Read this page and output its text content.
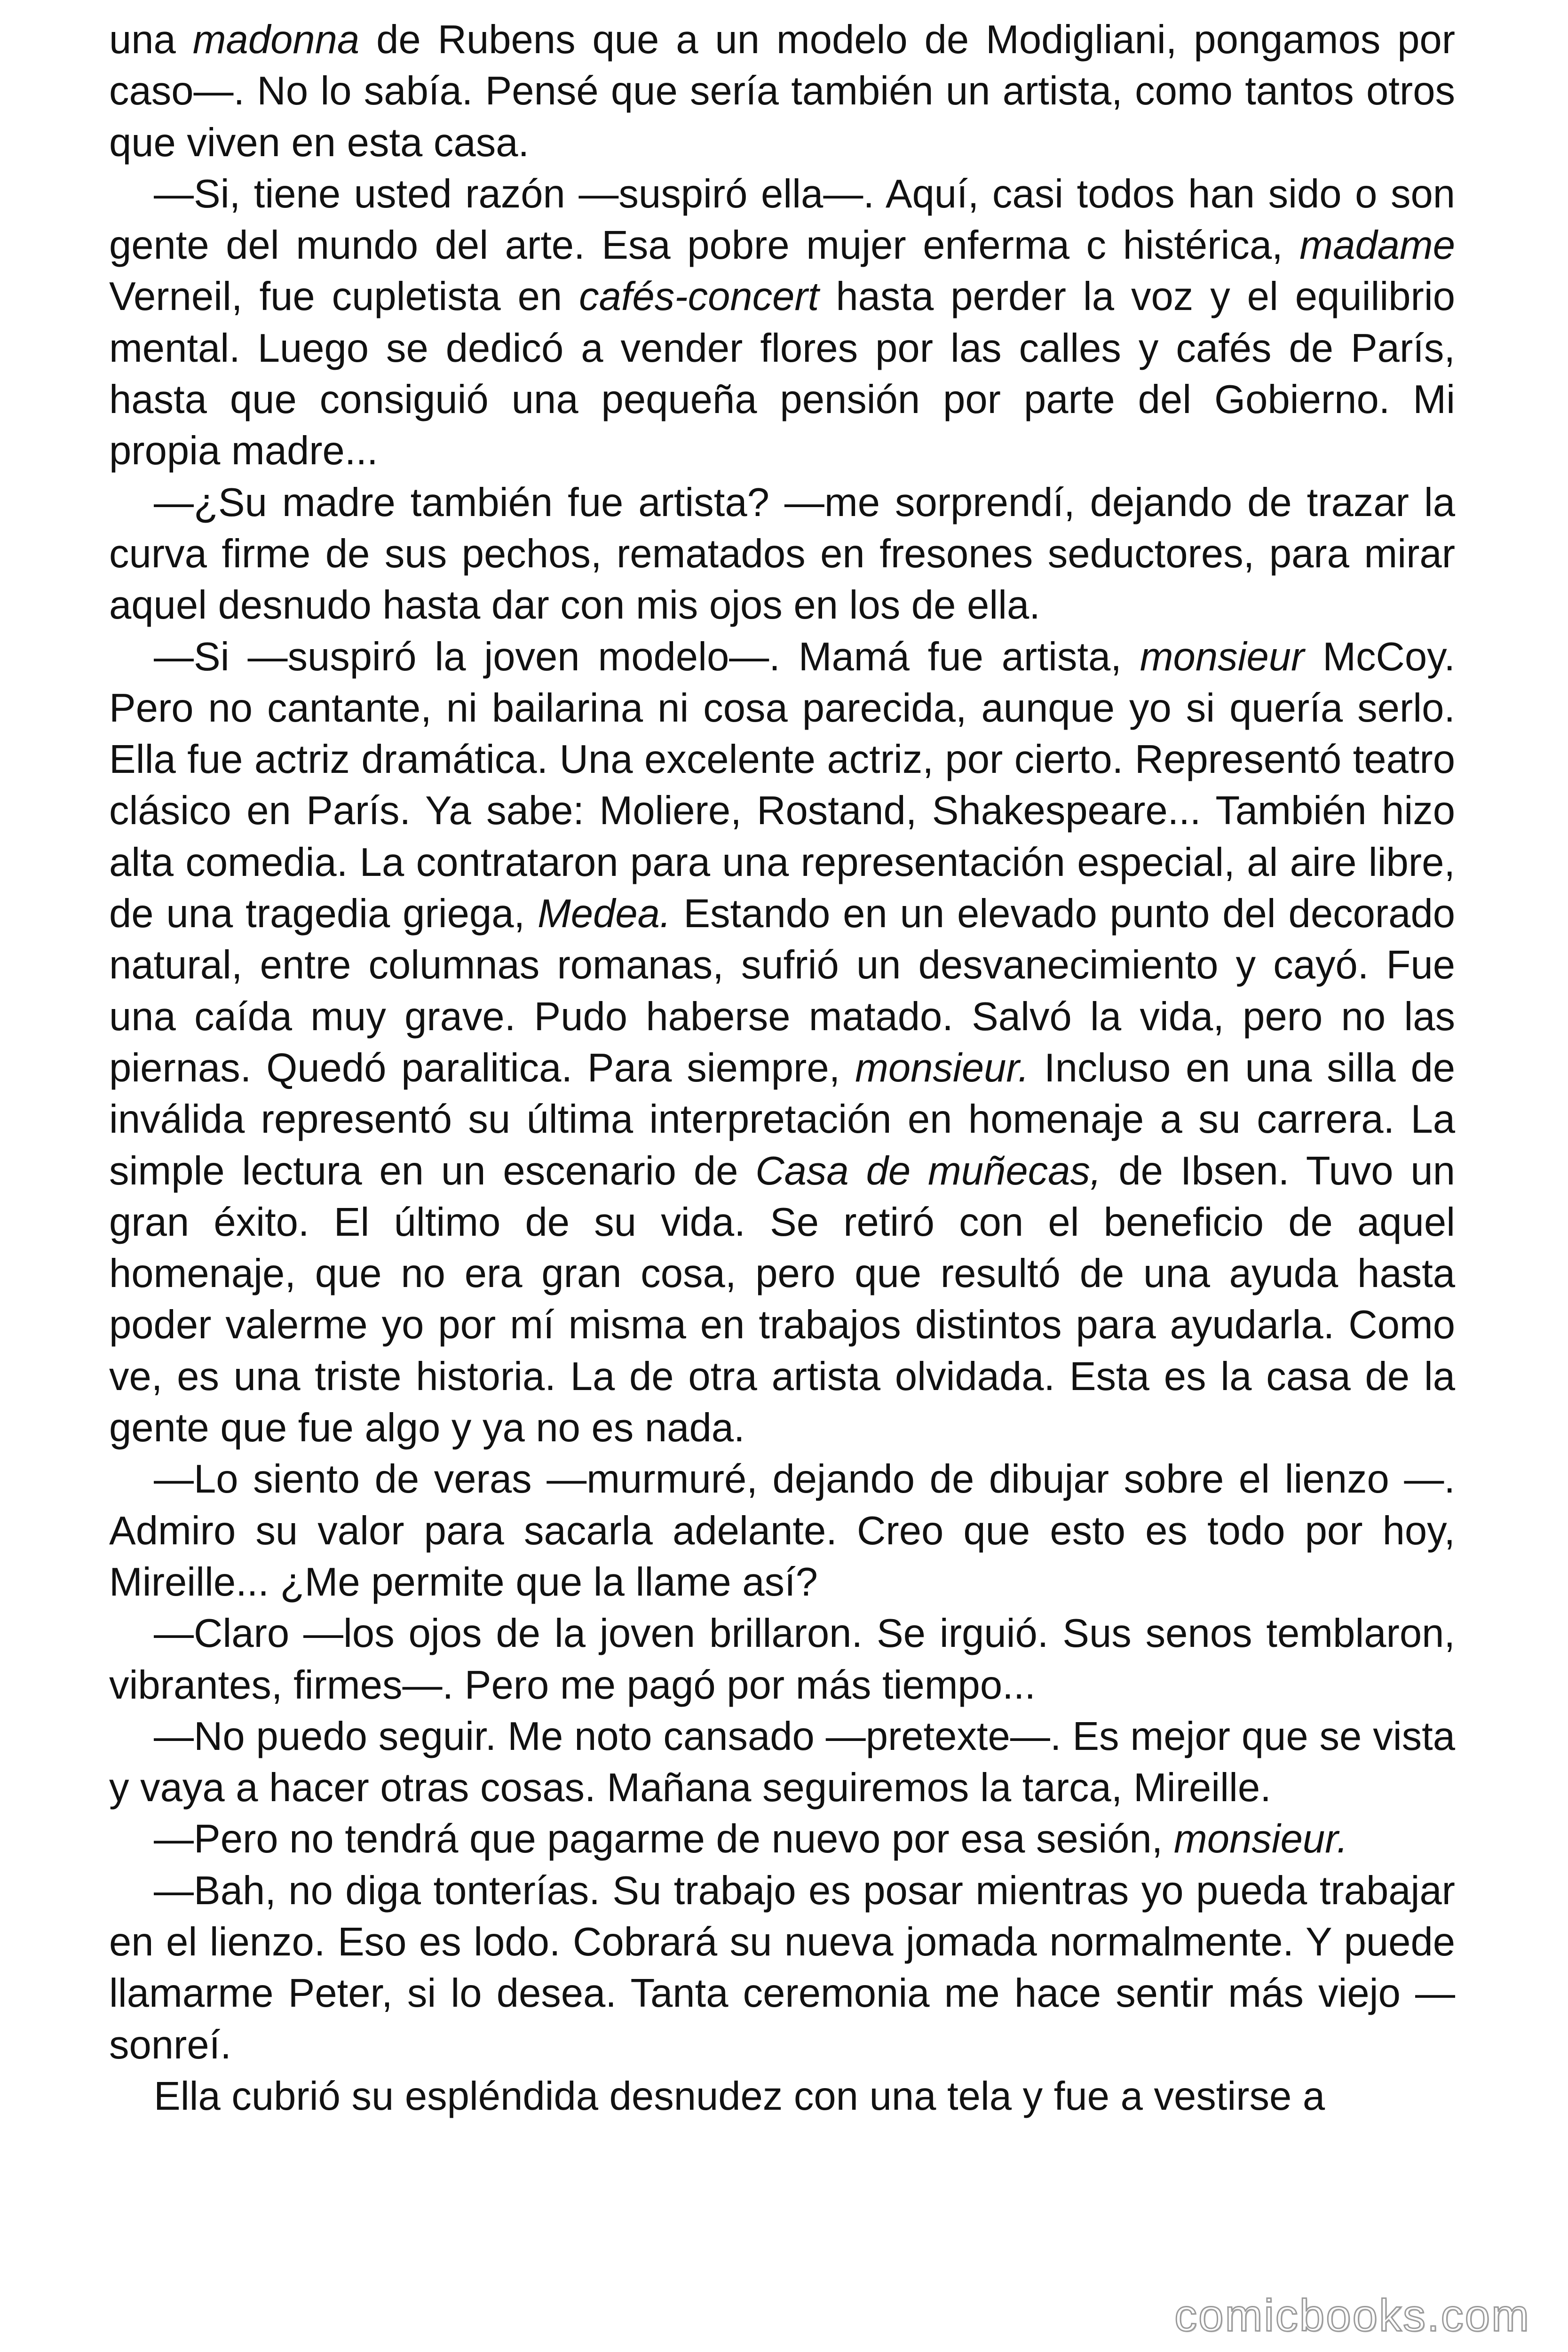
una madonna de Rubens que a un modelo de Modigliani, pongamos por caso—. No lo sabía. Pensé que sería también un artista, como tantos otros que viven en esta casa.

—Si, tiene usted razón —suspiró ella—. Aquí, casi todos han sido o son gente del mundo del arte. Esa pobre mujer enferma c histérica, madame Verneil, fue cupletista en cafés-concert hasta perder la voz y el equilibrio mental. Luego se dedicó a vender flores por las calles y cafés de París, hasta que consiguió una pequeña pensión por parte del Gobierno. Mi propia madre...

—¿Su madre también fue artista? —me sorprendí, dejando de trazar la curva firme de sus pechos, rematados en fresones seductores, para mirar aquel desnudo hasta dar con mis ojos en los de ella.

—Si —suspiró la joven modelo—. Mamá fue artista, monsieur McCoy. Pero no cantante, ni bailarina ni cosa parecida, aunque yo si quería serlo. Ella fue actriz dramática. Una excelente actriz, por cierto. Representó teatro clásico en París. Ya sabe: Moliere, Rostand, Shakespeare... También hizo alta comedia. La contrataron para una representación especial, al aire libre, de una tragedia griega, Medea. Estando en un elevado punto del decorado natural, entre columnas romanas, sufrió un desvanecimiento y cayó. Fue una caída muy grave. Pudo haberse matado. Salvó la vida, pero no las piernas. Quedó paralitica. Para siempre, monsieur. Incluso en una silla de inválida representó su última interpretación en homenaje a su carrera. La simple lectura en un escenario de Casa de muñecas, de Ibsen. Tuvo un gran éxito. El último de su vida. Se retiró con el beneficio de aquel homenaje, que no era gran cosa, pero que resultó de una ayuda hasta poder valerme yo por mí misma en trabajos distintos para ayudarla. Como ve, es una triste historia. La de otra artista olvidada. Esta es la casa de la gente que fue algo y ya no es nada.

—Lo siento de veras —murmuré, dejando de dibujar sobre el lienzo —. Admiro su valor para sacarla adelante. Creo que esto es todo por hoy, Mireille... ¿Me permite que la llame así?

—Claro —los ojos de la joven brillaron. Se irguió. Sus senos temblaron, vibrantes, firmes—. Pero me pagó por más tiempo...

—No puedo seguir. Me noto cansado —pretexte—. Es mejor que se vista y vaya a hacer otras cosas. Mañana seguiremos la tarca, Mireille.

—Pero no tendrá que pagarme de nuevo por esa sesión, monsieur.

—Bah, no diga tonterías. Su trabajo es posar mientras yo pueda trabajar en el lienzo. Eso es lodo. Cobrará su nueva jomada normalmente. Y puede llamarme Peter, si lo desea. Tanta ceremonia me hace sentir más viejo —sonreí.

Ella cubrió su espléndida desnudez con una tela y fue a vestirse a

comicbooks.com
